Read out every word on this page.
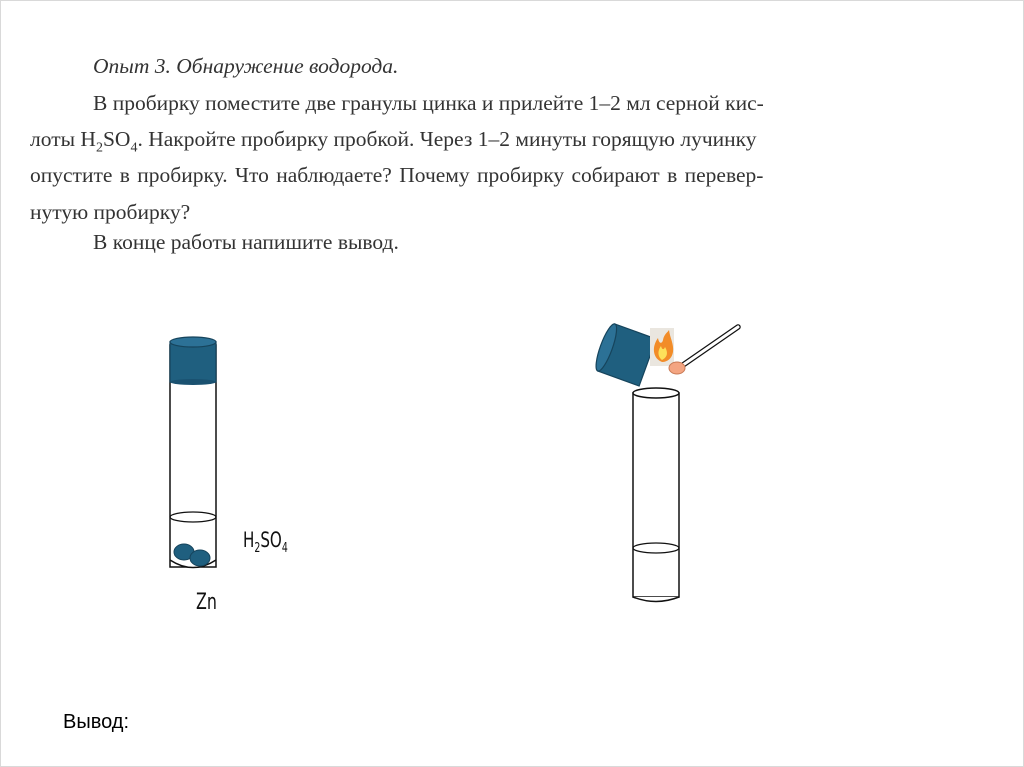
Опыт 3. Обнаружение водорода.

В пробирку поместите две гранулы цинка и прилейте 1–2 мл серной кис-
лоты $H_2SO_4$. Накройте пробирку пробкой. Через 1–2 минуты горящую лучинку

опустите в пробирку. Что наблюдаете? Почему пробирку собирают в перевер-
нутую пробирку?
В конце работы напишите вывод.
$H_2SO_4$
Zn
Вывод:
